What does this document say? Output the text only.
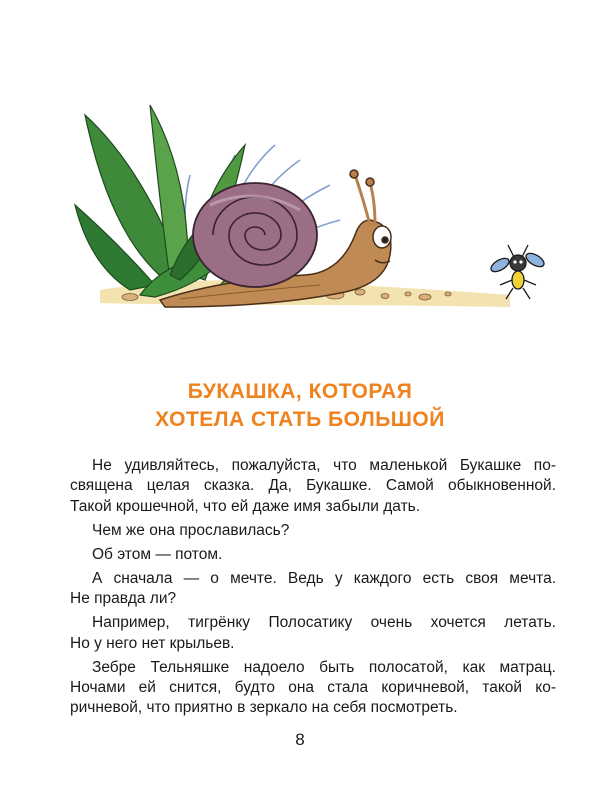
БУКАШКА, КОТОРАЯ
ХОТЕЛА СТАТЬ БОЛЬШОЙ
Не удивляйтесь, пожалуйста, что маленькой Букашке по-
священа целая сказка. Да, Букашке. Самой обыкновенной.
Такой крошечной, что ей даже имя забыли дать.
Чем же она прославилась?
Об этом — потом.
А сначала — о мечте. Ведь у каждого есть своя мечта.
Не правда ли?
Например, тигрёнку Полосатику очень хочется летать.
Но у него нет крыльев.
Зебре Тельняшке надоело быть полосатой, как матрац.
Ночами ей снится, будто она стала коричневой, такой ко-
ричневой, что приятно в зеркало на себя посмотреть.
8
